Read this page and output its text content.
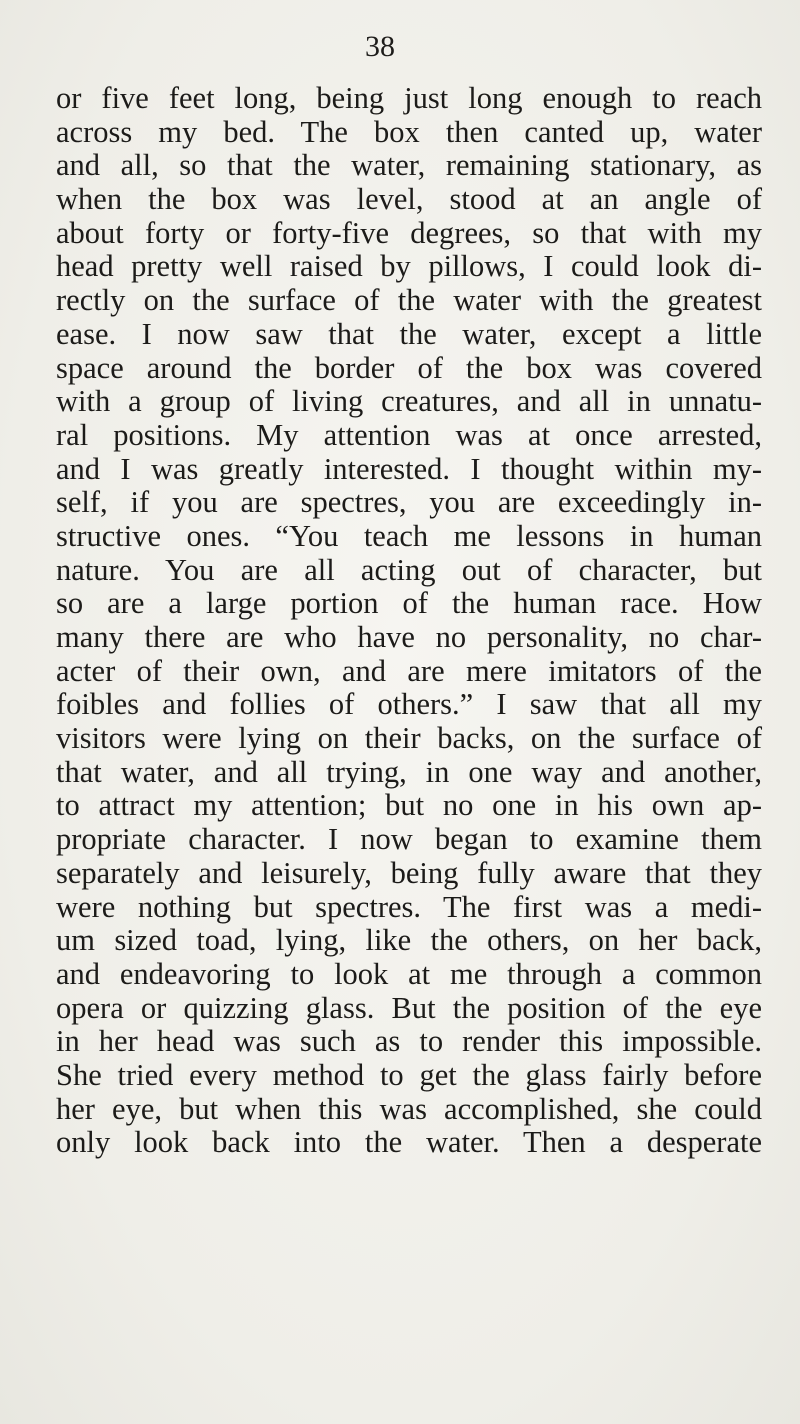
38
or five feet long, being just long enough to reach
across my bed. The box then canted up, water
and all, so that the water, remaining stationary, as
when the box was level, stood at an angle of
about forty or forty-five degrees, so that with my
head pretty well raised by pillows, I could look di-
rectly on the surface of the water with the greatest
ease. I now saw that the water, except a little
space around the border of the box was covered
with a group of living creatures, and all in unnatu-
ral positions. My attention was at once arrested,
and I was greatly interested. I thought within my-
self, if you are spectres, you are exceedingly in-
structive ones. “You teach me lessons in human
nature. You are all acting out of character, but
so are a large portion of the human race. How
many there are who have no personality, no char-
acter of their own, and are mere imitators of the
foibles and follies of others.” I saw that all my
visitors were lying on their backs, on the surface of
that water, and all trying, in one way and another,
to attract my attention; but no one in his own ap-
propriate character. I now began to examine them
separately and leisurely, being fully aware that they
were nothing but spectres. The first was a medi-
um sized toad, lying, like the others, on her back,
and endeavoring to look at me through a common
opera or quizzing glass. But the position of the eye
in her head was such as to render this impossible.
She tried every method to get the glass fairly before
her eye, but when this was accomplished, she could
only look back into the water. Then a desperate
